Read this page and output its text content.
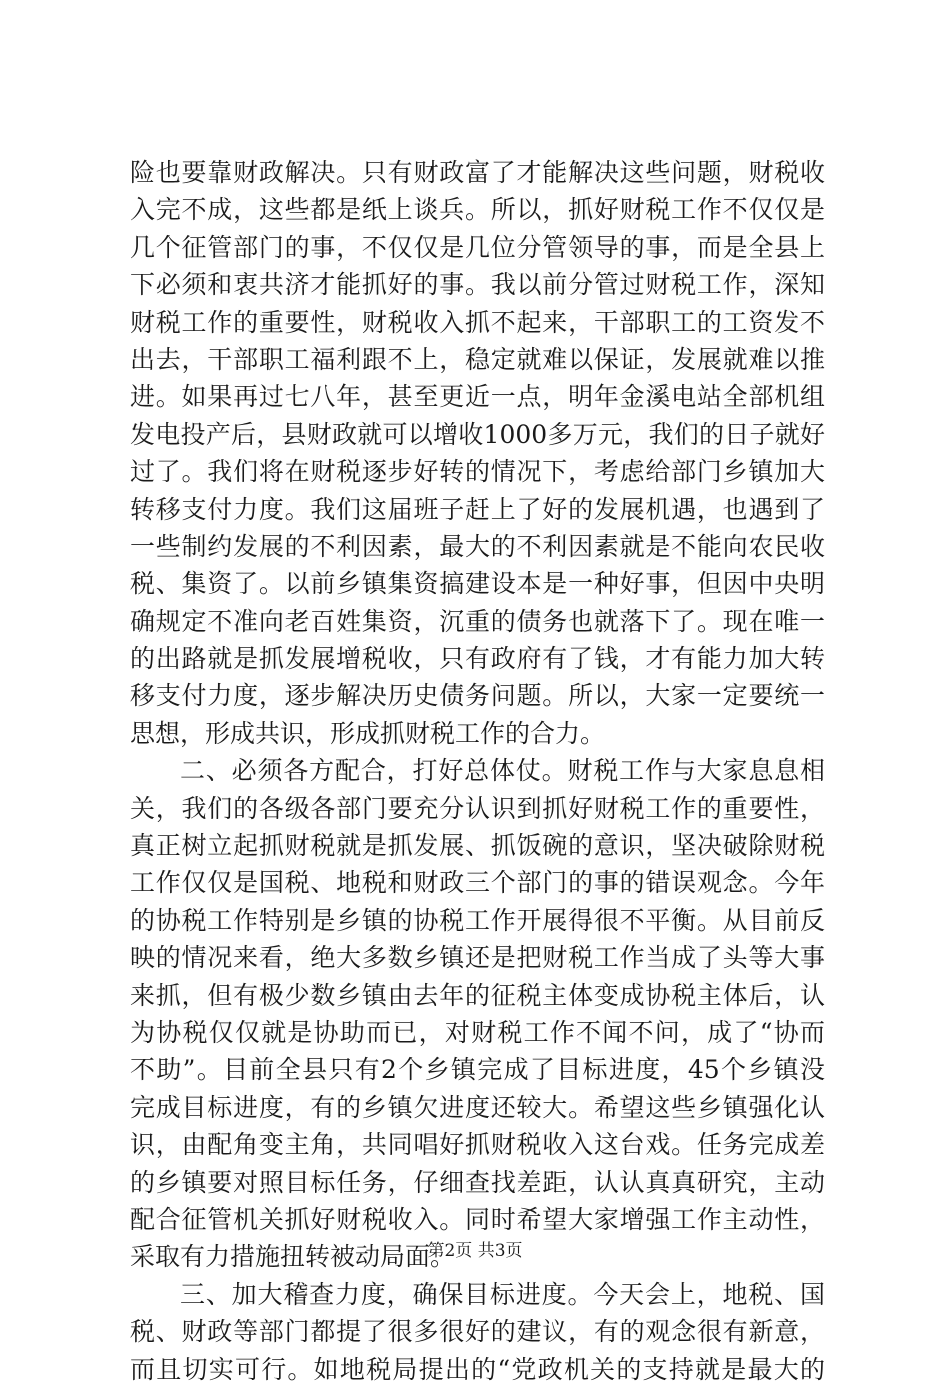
险也要靠财政解决。只有财政富了才能解决这些问题，财税收
入完不成，这些都是纸上谈兵。所以，抓好财税工作不仅仅是
几个征管部门的事，不仅仅是几位分管领导的事，而是全县上
下必须和衷共济才能抓好的事。我以前分管过财税工作，深知
财税工作的重要性，财税收入抓不起来，干部职工的工资发不
出去，干部职工福利跟不上，稳定就难以保证，发展就难以推
进。如果再过七八年，甚至更近一点，明年金溪电站全部机组
发电投产后，县财政就可以增收1000多万元，我们的日子就好
过了。我们将在财税逐步好转的情况下，考虑给部门乡镇加大
转移支付力度。我们这届班子赶上了好的发展机遇，也遇到了
一些制约发展的不利因素，最大的不利因素就是不能向农民收
税、集资了。以前乡镇集资搞建设本是一种好事，但因中央明
确规定不准向老百姓集资，沉重的债务也就落下了。现在唯一
的出路就是抓发展增税收，只有政府有了钱，才有能力加大转
移支付力度，逐步解决历史债务问题。所以，大家一定要统一
思想，形成共识，形成抓财税工作的合力。
二、必须各方配合，打好总体仗。财税工作与大家息息相
关，我们的各级各部门要充分认识到抓好财税工作的重要性，
真正树立起抓财税就是抓发展、抓饭碗的意识，坚决破除财税
工作仅仅是国税、地税和财政三个部门的事的错误观念。今年
的协税工作特别是乡镇的协税工作开展得很不平衡。从目前反
映的情况来看，绝大多数乡镇还是把财税工作当成了头等大事
来抓，但有极少数乡镇由去年的征税主体变成协税主体后，认
为协税仅仅就是协助而已，对财税工作不闻不问，成了“协而
不助”。目前全县只有2个乡镇完成了目标进度，45个乡镇没
完成目标进度，有的乡镇欠进度还较大。希望这些乡镇强化认
识，由配角变主角，共同唱好抓财税收入这台戏。任务完成差
的乡镇要对照目标任务，仔细查找差距，认认真真研究，主动
配合征管机关抓好财税收入。同时希望大家增强工作主动性，
采取有力措施扭转被动局面。
三、加大稽查力度，确保目标进度。今天会上，地税、国
税、财政等部门都提了很多很好的建议，有的观念很有新意，
而且切实可行。如地税局提出的“党政机关的支持就是最大的
第2页 共3页
